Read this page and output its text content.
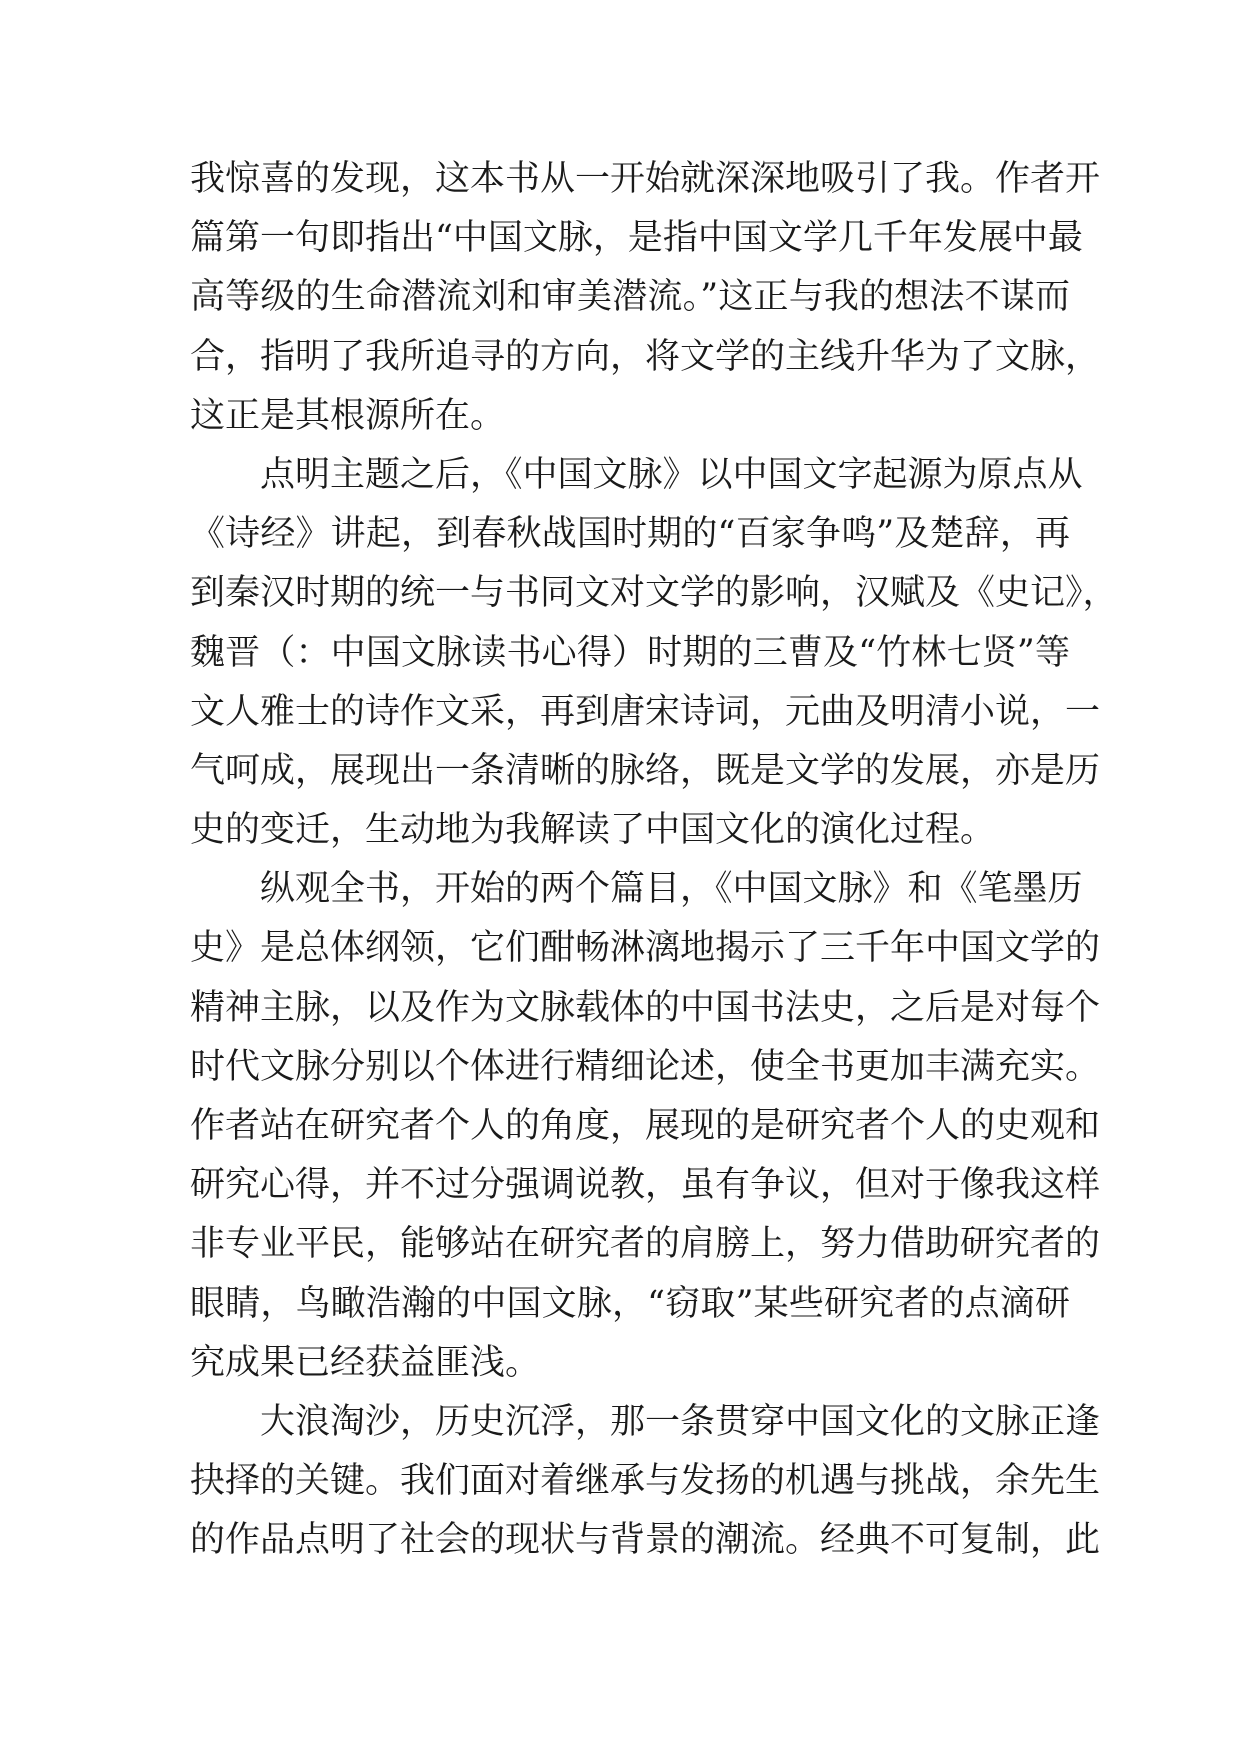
我惊喜的发现，这本书从一开始就深深地吸引了我。作者开
篇第一句即指出“中国文脉，是指中国文学几千年发展中最
高等级的生命潜流刘和审美潜流。”这正与我的想法不谋而
合，指明了我所追寻的方向，将文学的主线升华为了文脉，
这正是其根源所在。
点明主题之后，《中国文脉》以中国文字起源为原点从
《诗经》讲起，到春秋战国时期的“百家争鸣”及楚辞，再
到秦汉时期的统一与书同文对文学的影响，汉赋及《史记》，
魏晋（：中国文脉读书心得）时期的三曹及“竹林七贤”等
文人雅士的诗作文采，再到唐宋诗词，元曲及明清小说，一
气呵成，展现出一条清晰的脉络，既是文学的发展，亦是历
史的变迁，生动地为我解读了中国文化的演化过程。
纵观全书，开始的两个篇目，《中国文脉》和《笔墨历
史》是总体纲领，它们酣畅淋漓地揭示了三千年中国文学的
精神主脉，以及作为文脉载体的中国书法史，之后是对每个
时代文脉分别以个体进行精细论述，使全书更加丰满充实。
作者站在研究者个人的角度，展现的是研究者个人的史观和
研究心得，并不过分强调说教，虽有争议，但对于像我这样
非专业平民，能够站在研究者的肩膀上，努力借助研究者的
眼睛，鸟瞰浩瀚的中国文脉，“窃取”某些研究者的点滴研
究成果已经获益匪浅。
大浪淘沙，历史沉浮，那一条贯穿中国文化的文脉正逢
抉择的关键。我们面对着继承与发扬的机遇与挑战，余先生
的作品点明了社会的现状与背景的潮流。经典不可复制，此
